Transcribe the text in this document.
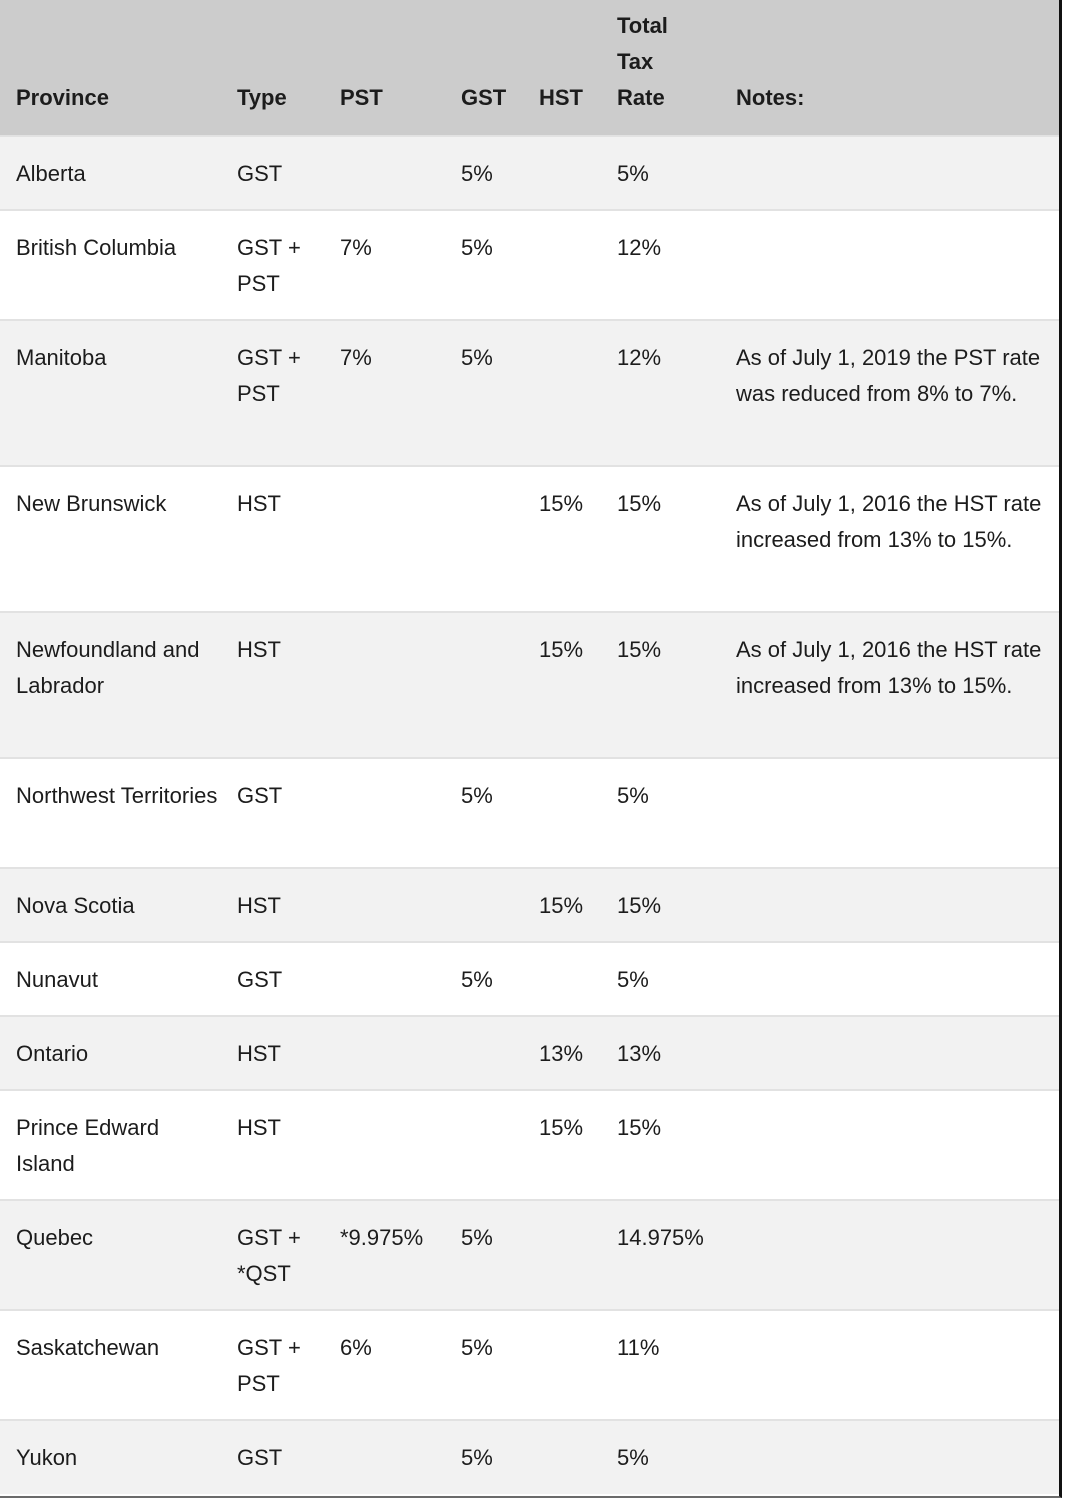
Province	Type	PST	GST	HST	Total Tax Rate	Notes:
Alberta	GST		5%		5%	
British Columbia	GST + PST	7%	5%		12%	
Manitoba	GST + PST	7%	5%		12%	As of July 1, 2019 the PST rate was reduced from 8% to 7%.
New Brunswick	HST			15%	15%	As of July 1, 2016 the HST rate increased from 13% to 15%.
Newfoundland and Labrador	HST			15%	15%	As of July 1, 2016 the HST rate increased from 13% to 15%.
Northwest Territories	GST		5%		5%	
Nova Scotia	HST			15%	15%	
Nunavut	GST		5%		5%	
Ontario	HST			13%	13%	
Prince Edward Island	HST			15%	15%	
Quebec	GST + *QST	*9.975%	5%		14.975%	
Saskatchewan	GST + PST	6%	5%		11%	
Yukon	GST		5%		5%	
